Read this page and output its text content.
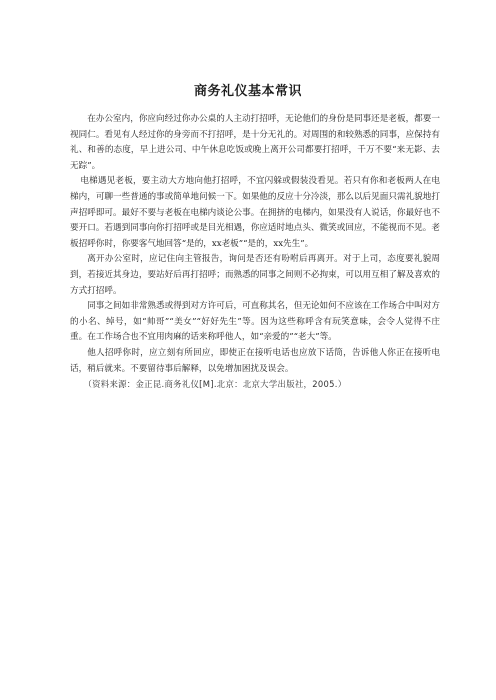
商务礼仪基本常识

在办公室内，你应向经过你办公桌的人主动打招呼，无论他们的身份是同事还是老板，都要一视同仁。看见有人经过你的身旁而不打招呼，是十分无礼的。对周围的和较熟悉的同事，应保持有礼、和善的态度，早上进公司、中午休息吃饭或晚上离开公司都要打招呼，千万不要“来无影、去无踪”。

电梯遇见老板，要主动大方地向他打招呼，不宜闪躲或假装没看见。若只有你和老板两人在电梯内，可聊一些普通的事或简单地问候一下。如果他的反应十分冷淡，那么以后见面只需礼貌地打声招呼即可。最好不要与老板在电梯内谈论公事。在拥挤的电梯内，如果没有人说话，你最好也不要开口。若遇到同事向你打招呼或是目光相遇，你应适时地点头、微笑或回应，不能视而不见。老板招呼你时，你要客气地回答“是的，xx老板”“是的，xx先生”。

离开办公室时，应记住向主管报告，询问是否还有吩咐后再离开。对于上司，态度要礼貌周到，若接近其身边，要站好后再打招呼；而熟悉的同事之间则不必拘束，可以用互相了解及喜欢的方式打招呼。

同事之间如非常熟悉或得到对方许可后，可直称其名，但无论如何不应该在工作场合中叫对方的小名、绰号，如“帅哥”“美女”“好好先生”等。因为这些称呼含有玩笑意味，会令人觉得不庄重。在工作场合也不宜用肉麻的话来称呼他人，如“亲爱的”“老大”等。

他人招呼你时，应立刻有所回应，即使正在接听电话也应放下话筒，告诉他人你正在接听电话，稍后就来。不要留待事后解释，以免增加困扰及误会。

（资料来源：金正昆.商务礼仪[M].北京：北京大学出版社，2005.）
